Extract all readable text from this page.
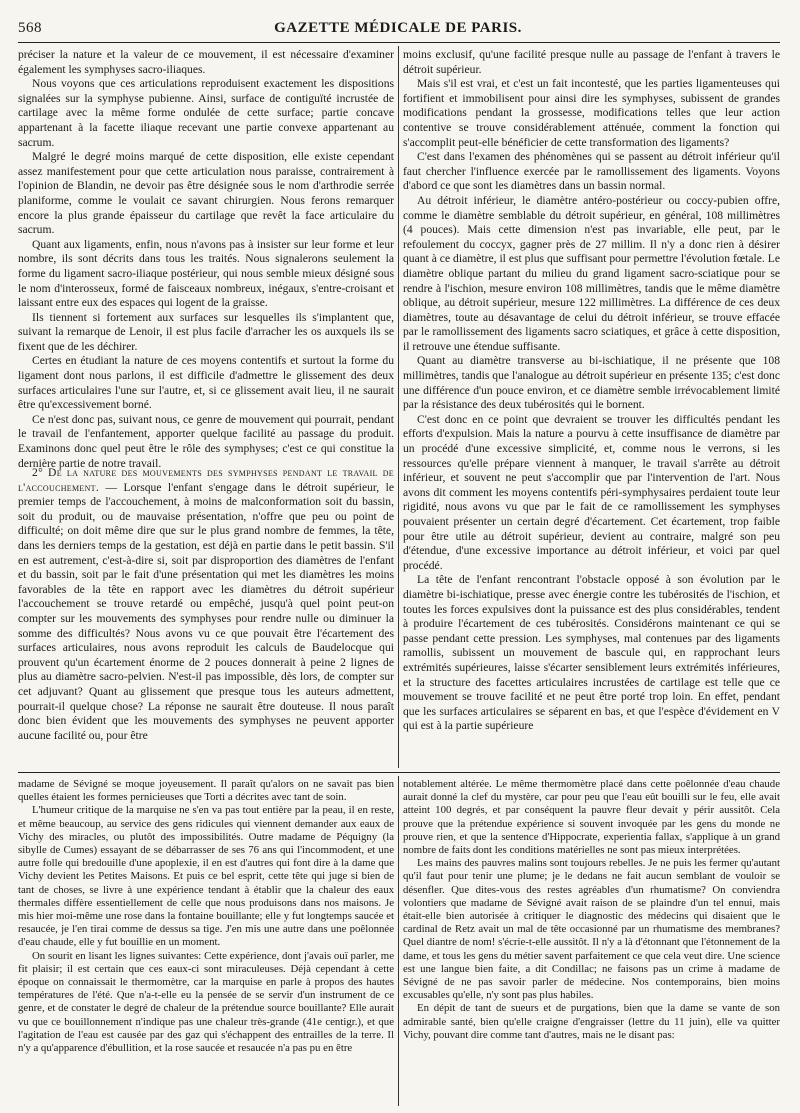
568	GAZETTE MÉDICALE DE PARIS.

préciser la nature et la valeur de ce mouvement, il est nécessaire d'examiner également les symphyses sacro-iliaques.

Nous voyons que ces articulations reproduisent exactement les dispositions signalées sur la symphyse pubienne. Ainsi, surface de contiguïté incrustée de cartilage avec la même forme ondulée de cette surface; partie concave appartenant à la facette iliaque recevant une partie convexe appartenant au sacrum.

Malgré le degré moins marqué de cette disposition, elle existe cependant assez manifestement pour que cette articulation nous paraisse, contrairement à l'opinion de Blandin, ne devoir pas être désignée sous le nom d'arthrodie serrée planiforme, comme le voulait ce savant chirurgien. Nous ferons remarquer encore la plus grande épaisseur du cartilage que revêt la face articulaire du sacrum.

Quant aux ligaments, enfin, nous n'avons pas à insister sur leur forme et leur nombre, ils sont décrits dans tous les traités. Nous signalerons seulement la forme du ligament sacro-iliaque postérieur, qui nous semble mieux désigné sous le nom d'interosseux, formé de faisceaux nombreux, inégaux, s'entre-croisant et laissant entre eux des espaces qui logent de la graisse.

Ils tiennent si fortement aux surfaces sur lesquelles ils s'implantent que, suivant la remarque de Lenoir, il est plus facile d'arracher les os auxquels ils se fixent que de les déchirer.

Certes en étudiant la nature de ces moyens contentifs et surtout la forme du ligament dont nous parlons, il est difficile d'admettre le glissement des deux surfaces articulaires l'une sur l'autre, et, si ce glissement avait lieu, il ne saurait être qu'excessivement borné.

Ce n'est donc pas, suivant nous, ce genre de mouvement qui pourrait, pendant le travail de l'enfantement, apporter quelque facilité au passage du produit. Examinons donc quel peut être le rôle des symphyses; c'est ce qui constitue la dernière partie de notre travail.

2° De la nature des mouvements des symphyses pendant le travail de l'accouchement. — Lorsque l'enfant s'engage dans le détroit supérieur, le premier temps de l'accouchement, à moins de malconformation soit du bassin, soit du produit, ou de mauvaise présentation, n'offre que peu ou point de difficulté; on doit même dire que sur le plus grand nombre de femmes, la tête, dans les derniers temps de la gestation, est déjà en partie dans le petit bassin. S'il en est autrement, c'est-à-dire si, soit par disproportion des diamètres de l'enfant et du bassin, soit par le fait d'une présentation qui met les diamètres les moins favorables de la tête en rapport avec les diamètres du détroit supérieur l'accouchement se trouve retardé ou empêché, jusqu'à quel point peut-on compter sur les mouvements des symphyses pour rendre nulle ou diminuer la somme des difficultés? Nous avons vu ce que pouvait être l'écartement des surfaces articulaires, nous avons reproduit les calculs de Baudelocque qui prouvent qu'un écartement énorme de 2 pouces donnerait à peine 2 lignes de plus au diamètre sacro-pelvien. N'est-il pas impossible, dès lors, de compter sur cet adjuvant? Quant au glissement que presque tous les auteurs admettent, pourrait-il quelque chose? La réponse ne saurait être douteuse. Il nous paraît donc bien évident que les mouvements des symphyses ne peuvent apporter aucune facilité ou, pour être

moins exclusif, qu'une facilité presque nulle au passage de l'enfant à travers le détroit supérieur.

Mais s'il est vrai, et c'est un fait incontesté, que les parties ligamenteuses qui fortifient et immobilisent pour ainsi dire les symphyses, subissent de grandes modifications pendant la grossesse, modifications telles que leur action contentive se trouve considérablement atténuée, comment la fonction qui s'accomplit peut-elle bénéficier de cette transformation des ligaments?

C'est dans l'examen des phénomènes qui se passent au détroit inférieur qu'il faut chercher l'influence exercée par le ramollissement des ligaments. Voyons d'abord ce que sont les diamètres dans un bassin normal.

Au détroit inférieur, le diamètre antéro-postérieur ou coccy-pubien offre, comme le diamètre semblable du détroit supérieur, en général, 108 millimètres (4 pouces). Mais cette dimension n'est pas invariable, elle peut, par le refoulement du coccyx, gagner près de 27 millim. Il n'y a donc rien à désirer quant à ce diamètre, il est plus que suffisant pour permettre l'évolution fœtale. Le diamètre oblique partant du milieu du grand ligament sacro-sciatique pour se rendre à l'ischion, mesure environ 108 millimètres, tandis que le même diamètre oblique, au détroit supérieur, mesure 122 millimètres. La différence de ces deux diamètres, toute au désavantage de celui du détroit inférieur, se trouve effacée par le ramollissement des ligaments sacro sciatiques, et grâce à cette disposition, il retrouve une étendue suffisante.

Quant au diamètre transverse au bi-ischiatique, il ne présente que 108 millimètres, tandis que l'analogue au détroit supérieur en présente 135; c'est donc une différence d'un pouce environ, et ce diamètre semble irrévocablement limité par la résistance des deux tubérosités qui le bornent.

C'est donc en ce point que devraient se trouver les difficultés pendant les efforts d'expulsion. Mais la nature a pourvu à cette insuffisance de diamètre par un procédé d'une excessive simplicité, et, comme nous le verrons, si les ressources qu'elle prépare viennent à manquer, le travail s'arrête au détroit inférieur, et souvent ne peut s'accomplir que par l'intervention de l'art. Nous avons dit comment les moyens contentifs péri-symphysaires perdaient toute leur rigidité, nous avons vu que par le fait de ce ramollissement les symphyses pouvaient présenter un certain degré d'écartement. Cet écartement, trop faible pour être utile au détroit supérieur, devient au contraire, malgré son peu d'étendue, d'une excessive importance au détroit inférieur, et voici par quel procédé.

La tête de l'enfant rencontrant l'obstacle opposé à son évolution par le diamètre bi-ischiatique, presse avec énergie contre les tubérosités de l'ischion, et toutes les forces expulsives dont la puissance est des plus considérables, tendent à produire l'écartement de ces tubérosités. Considérons maintenant ce qui se passe pendant cette pression. Les symphyses, mal contenues par des ligaments ramollis, subissent un mouvement de bascule qui, en rapprochant leurs extrémités supérieures, laisse s'écarter sensiblement leurs extrémités inférieures, et la structure des facettes articulaires incrustées de cartilage est telle que ce mouvement se trouve facilité et ne peut être porté trop loin. En effet, pendant que les surfaces articulaires se séparent en bas, et que l'espèce d'évidement en V qui est à la partie supérieure

madame de Sévigné se moque joyeusement. Il paraît qu'alors on ne savait pas bien quelles étaient les formes pernicieuses que Torti a décrites avec tant de soin.

L'humeur critique de la marquise ne s'en va pas tout entière par la peau, il en reste, et même beaucoup, au service des gens ridicules qui viennent demander aux eaux de Vichy des miracles, ou plutôt des impossibilités. Outre madame de Péquigny (la sibylle de Cumes) essayant de se débarrasser de ses 76 ans qui l'incommodent, et une autre folle qui bredouille d'une apoplexie, il en est d'autres qui font dire à la dame que Vichy devient les Petites Maisons. Et puis ce bel esprit, cette tête qui juge si bien de tant de choses, se livre à une expérience tendant à établir que la chaleur des eaux thermales diffère essentiellement de celle que nous produisons dans nos maisons. Je mis hier moi-même une rose dans la fontaine bouillante; elle y fut longtemps saucée et resaucée, je l'en tirai comme de dessus sa tige. J'en mis une autre dans une poêlonnée d'eau chaude, elle y fut bouillie en un moment.

On sourit en lisant les lignes suivantes: Cette expérience, dont j'avais ouï parler, me fit plaisir; il est certain que ces eaux-ci sont miraculeuses. Déjà cependant à cette époque on connaissait le thermomètre, car la marquise en parle à propos des hautes températures de l'été. Que n'a-t-elle eu la pensée de se servir d'un instrument de ce genre, et de constater le degré de chaleur de la prétendue source bouillante? Elle aurait vu que ce bouillonnement n'indique pas une chaleur très-grande (41e centigr.), et que l'agitation de l'eau est causée par des gaz qui s'échappent des entrailles de la terre. Il n'y a qu'apparence d'ébullition, et la rose saucée et resaucée n'a pas pu en être

notablement altérée. Le même thermomètre placé dans cette poêlonnée d'eau chaude aurait donné la clef du mystère, car pour peu que l'eau eût bouilli sur le feu, elle avait atteint 100 degrés, et par conséquent la pauvre fleur devait y périr aussitôt. Cela prouve que la prétendue expérience si souvent invoquée par les gens du monde ne prouve rien, et que la sentence d'Hippocrate, experientia fallax, s'applique à un grand nombre de faits dont les conditions matérielles ne sont pas mieux interprétées.

Les mains des pauvres malins sont toujours rebelles. Je ne puis les fermer qu'autant qu'il faut pour tenir une plume; je le dedans ne fait aucun semblant de vouloir se désenfler. Que dites-vous des restes agréables d'un rhumatisme? On conviendra volontiers que madame de Sévigné avait raison de se plaindre d'un tel ennui, mais était-elle bien autorisée à critiquer le diagnostic des médecins qui disaient que le cardinal de Retz avait un mal de tête occasionné par un rhumatisme des membranes? Quel diantre de nom! s'écrie-t-elle aussitôt. Il n'y a là d'étonnant que l'étonnement de la dame, et tous les gens du métier savent parfaitement ce que cela veut dire. Une science est une langue bien faite, a dit Condillac; ne faisons pas un crime à madame de Sévigné de ne pas savoir parler de médecine. Nos contemporains, bien moins excusables qu'elle, n'y sont pas plus habiles.

En dépit de tant de sueurs et de purgations, bien que la dame se vante de son admirable santé, bien qu'elle craigne d'engraisser (lettre du 11 juin), elle va quitter Vichy, pouvant dire comme tant d'autres, mais ne le disant pas:
